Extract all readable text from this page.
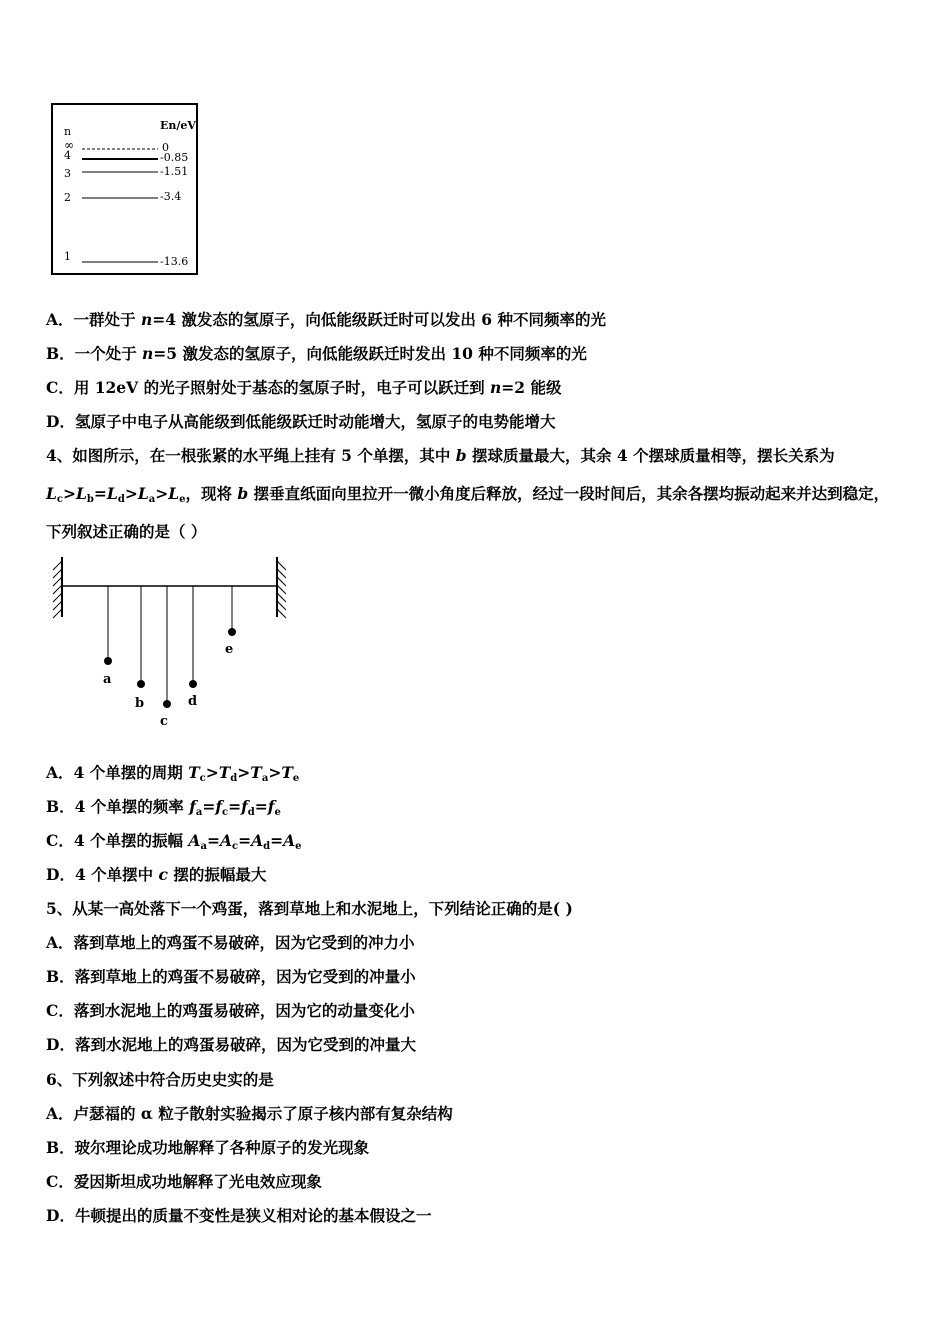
n	En/eV
∞	0
4	-0.85
3	-1.51
2	-3.4
1	-13.6
A．一群处于 n=4 激发态的氢原子，向低能级跃迁时可以发出 6 种不同频率的光
B．一个处于 n=5 激发态的氢原子，向低能级跃迁时发出 10 种不同频率的光
C．用 12eV 的光子照射处于基态的氢原子时，电子可以跃迁到 n=2 能级
D．氢原子中电子从高能级到低能级跃迁时动能增大，氢原子的电势能增大
4、如图所示，在一根张紧的水平绳上挂有 5 个单摆，其中 b 摆球质量最大，其余 4 个摆球质量相等，摆长关系为
$L_c>L_b=L_d>L_a>L_e$，现将 b 摆垂直纸面向里拉开一微小角度后释放，经过一段时间后，其余各摆均振动起来并达到稳定，
下列叙述正确的是（ ）
a
b
c
d
e
A．4 个单摆的周期 $T_c>T_d>T_a>T_e$
B．4 个单摆的频率 $f_a=f_c=f_d=f_e$
C．4 个单摆的振幅 $A_a=A_c=A_d=A_e$
D．4 个单摆中 c 摆的振幅最大
5、从某一高处落下一个鸡蛋，落到草地上和水泥地上，下列结论正确的是( )
A．落到草地上的鸡蛋不易破碎，因为它受到的冲力小
B．落到草地上的鸡蛋不易破碎，因为它受到的冲量小
C．落到水泥地上的鸡蛋易破碎，因为它的动量变化小
D．落到水泥地上的鸡蛋易破碎，因为它受到的冲量大
6、下列叙述中符合历史史实的是
A．卢瑟福的 α 粒子散射实验揭示了原子核内部有复杂结构
B．玻尔理论成功地解释了各种原子的发光现象
C．爱因斯坦成功地解释了光电效应现象
D．牛顿提出的质量不变性是狭义相对论的基本假设之一
